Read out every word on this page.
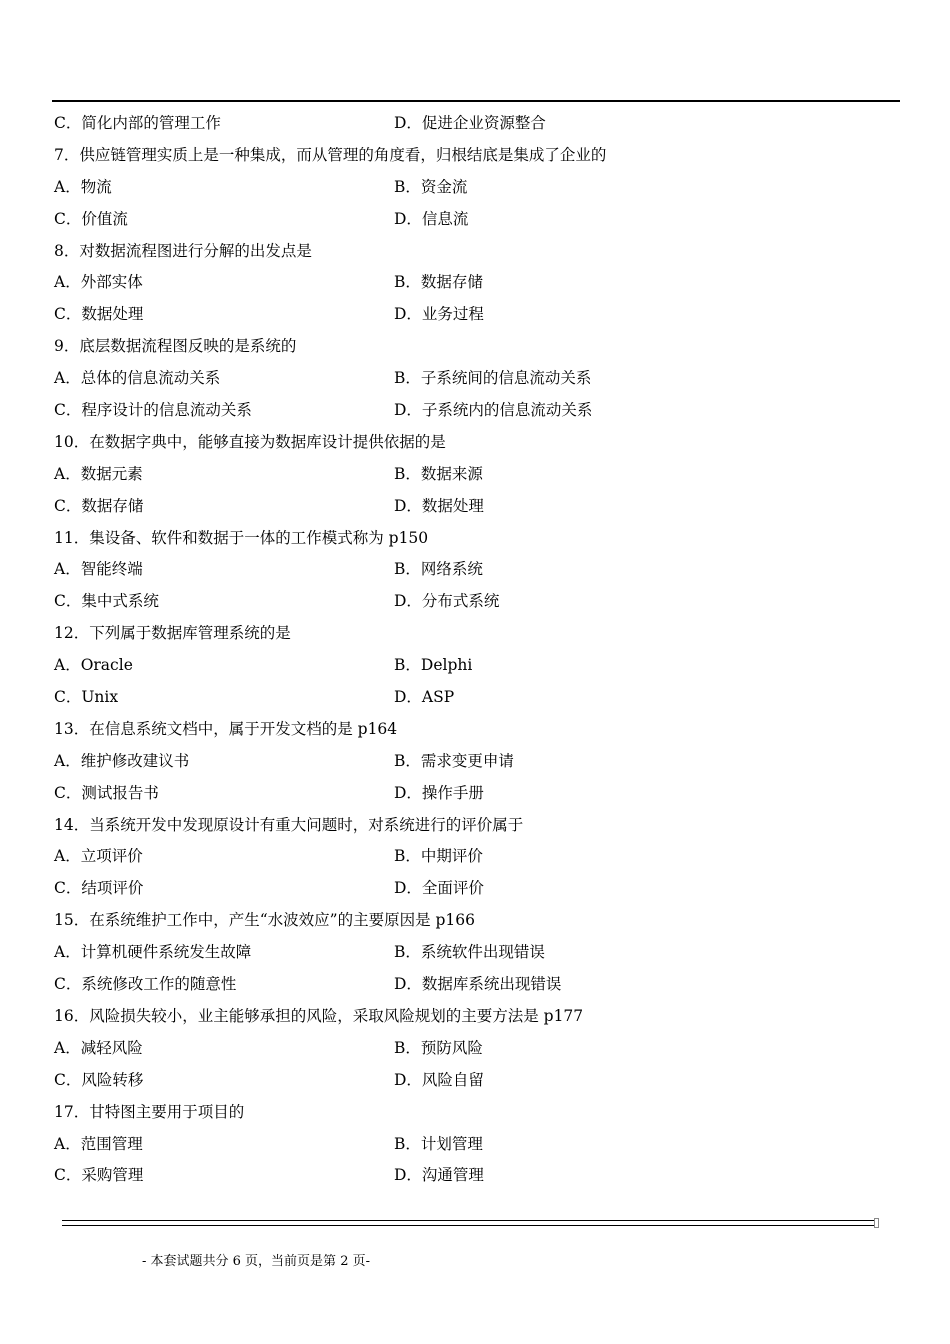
C．简化内部的管理工作	D．促进企业资源整合
7．供应链管理实质上是一种集成，而从管理的角度看，归根结底是集成了企业的
A．物流	B．资金流
C．价值流	D．信息流
8．对数据流程图进行分解的出发点是
A．外部实体	B．数据存储
C．数据处理	D．业务过程
9．底层数据流程图反映的是系统的
A．总体的信息流动关系	B．子系统间的信息流动关系
C．程序设计的信息流动关系	D．子系统内的信息流动关系
10．在数据字典中，能够直接为数据库设计提供依据的是
A．数据元素	B．数据来源
C．数据存储	D．数据处理
11．集设备、软件和数据于一体的工作模式称为 p150
A．智能终端	B．网络系统
C．集中式系统	D．分布式系统
12．下列属于数据库管理系统的是
A．Oracle	B．Delphi
C．Unix	D．ASP
13．在信息系统文档中，属于开发文档的是 p164
A．维护修改建议书	B．需求变更申请
C．测试报告书	D．操作手册
14．当系统开发中发现原设计有重大问题时，对系统进行的评价属于
A．立项评价	B．中期评价
C．结项评价	D．全面评价
15．在系统维护工作中，产生“水波效应”的主要原因是 p166
A．计算机硬件系统发生故障	B．系统软件出现错误
C．系统修改工作的随意性	D．数据库系统出现错误
16．风险损失较小，业主能够承担的风险，采取风险规划的主要方法是 p177
A．减轻风险	B．预防风险
C．风险转移	D．风险自留
17．甘特图主要用于项目的
A．范围管理	B．计划管理
C．采购管理	D．沟通管理
- 本套试题共分 6 页，当前页是第 2 页-
